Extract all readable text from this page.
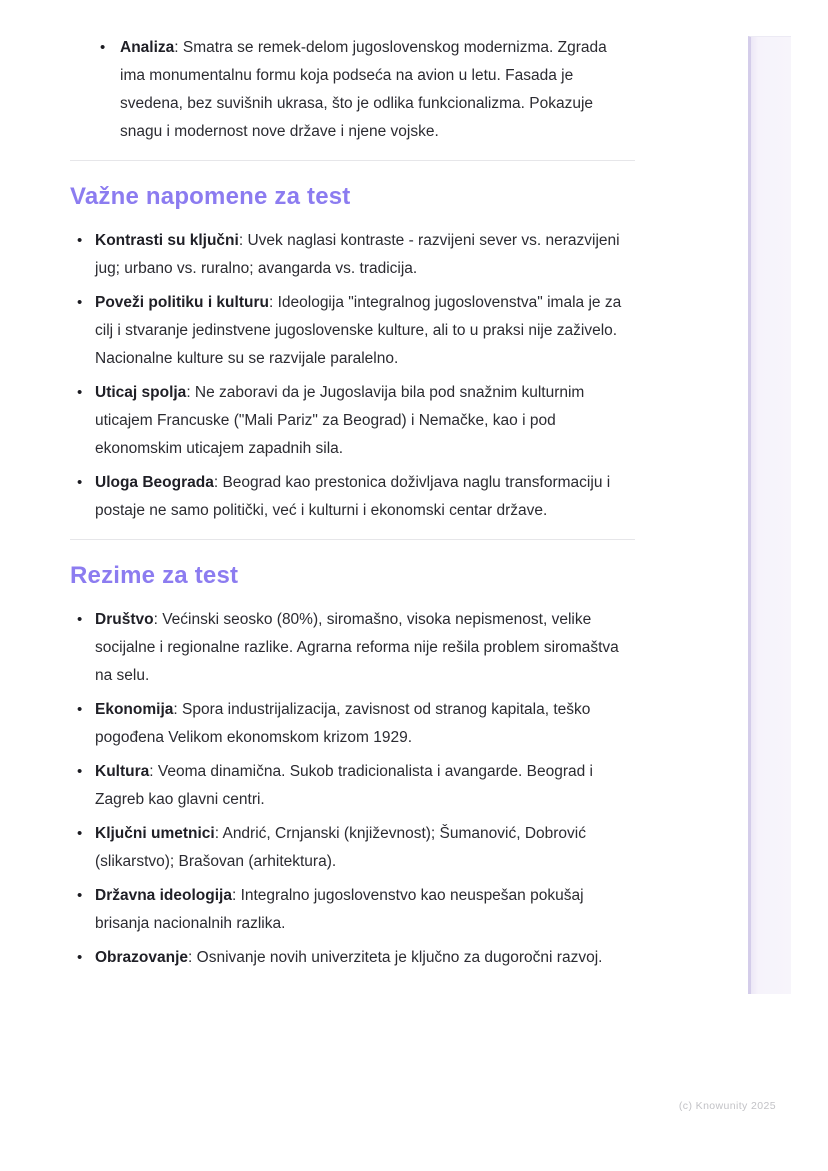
• Analiza: Smatra se remek-delom jugoslovenskog modernizma. Zgrada ima monumentalnu formu koja podseća na avion u letu. Fasada je svedena, bez suvišnih ukrasa, što je odlika funkcionalizma. Pokazuje snagu i modernost nove države i njene vojske.
Važne napomene za test
• Kontrasti su ključni: Uvek naglasi kontraste - razvijeni sever vs. nerazvijeni jug; urbano vs. ruralno; avangarda vs. tradicija.
• Poveži politiku i kulturu: Ideologija "integralnog jugoslovenstva" imala je za cilj i stvaranje jedinstvene jugoslovenske kulture, ali to u praksi nije zaživelo. Nacionalne kulture su se razvijale paralelno.
• Uticaj spolja: Ne zaboravi da je Jugoslavija bila pod snažnim kulturnim uticajem Francuske ("Mali Pariz" za Beograd) i Nemačke, kao i pod ekonomskim uticajem zapadnih sila.
• Uloga Beograda: Beograd kao prestonica doživljava naglu transformaciju i postaje ne samo politički, već i kulturni i ekonomski centar države.
Rezime za test
• Društvo: Većinski seosko (80%), siromašno, visoka nepismenost, velike socijalne i regionalne razlike. Agrarna reforma nije rešila problem siromaštva na selu.
• Ekonomija: Spora industrijalizacija, zavisnost od stranog kapitala, teško pogođena Velikom ekonomskom krizom 1929.
• Kultura: Veoma dinamična. Sukob tradicionalista i avangarde. Beograd i Zagreb kao glavni centri.
• Ključni umetnici: Andrić, Crnjanski (književnost); Šumanović, Dobrović (slikarstvo); Brašovan (arhitektura).
• Državna ideologija: Integralno jugoslovenstvo kao neuspešan pokušaj brisanja nacionalnih razlika.
• Obrazovanje: Osnivanje novih univerziteta je ključno za dugoročni razvoj.
(c) Knowunity 2025
